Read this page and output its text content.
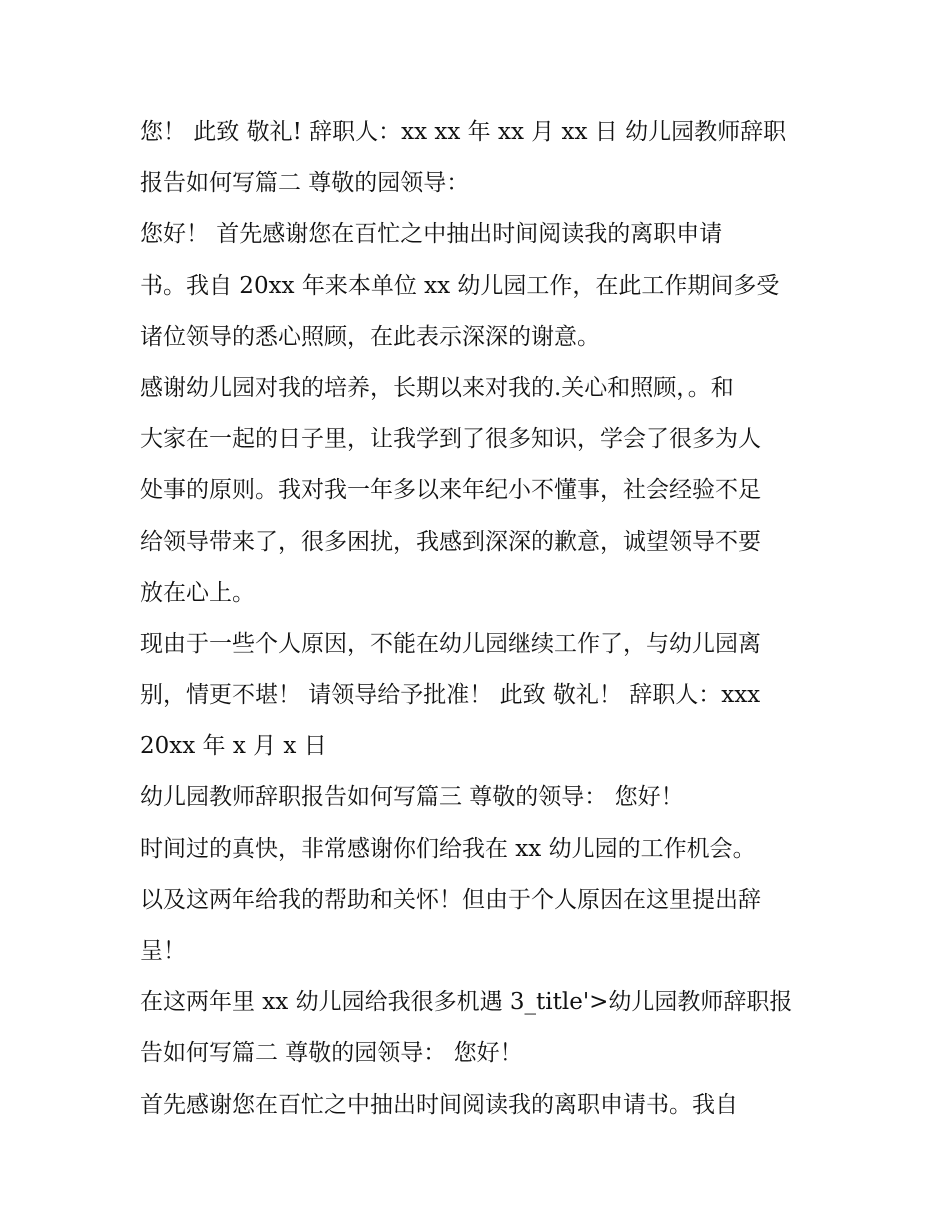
您！ 此致 敬礼! 辞职人：xx xx 年 xx 月 xx 日 幼儿园教师辞职
报告如何写篇二 尊敬的园领导：
您好！ 首先感谢您在百忙之中抽出时间阅读我的离职申请
书。我自 20xx 年来本单位 xx 幼儿园工作，在此工作期间多受
诸位领导的悉心照顾，在此表示深深的谢意。
感谢幼儿园对我的培养，长期以来对我的.关心和照顾，。和
大家在一起的日子里，让我学到了很多知识，学会了很多为人
处事的原则。我对我一年多以来年纪小不懂事，社会经验不足
给领导带来了，很多困扰，我感到深深的歉意，诚望领导不要
放在心上。
现由于一些个人原因，不能在幼儿园继续工作了，与幼儿园离
别，情更不堪！ 请领导给予批准！ 此致 敬礼！ 辞职人：xxx
20xx 年 x 月 x 日
幼儿园教师辞职报告如何写篇三 尊敬的领导： 您好！
时间过的真快，非常感谢你们给我在 xx 幼儿园的工作机会。
以及这两年给我的帮助和关怀！但由于个人原因在这里提出辞
呈！
在这两年里 xx 幼儿园给我很多机遇 3_title'>幼儿园教师辞职报
告如何写篇二 尊敬的园领导： 您好！
首先感谢您在百忙之中抽出时间阅读我的离职申请书。我自
